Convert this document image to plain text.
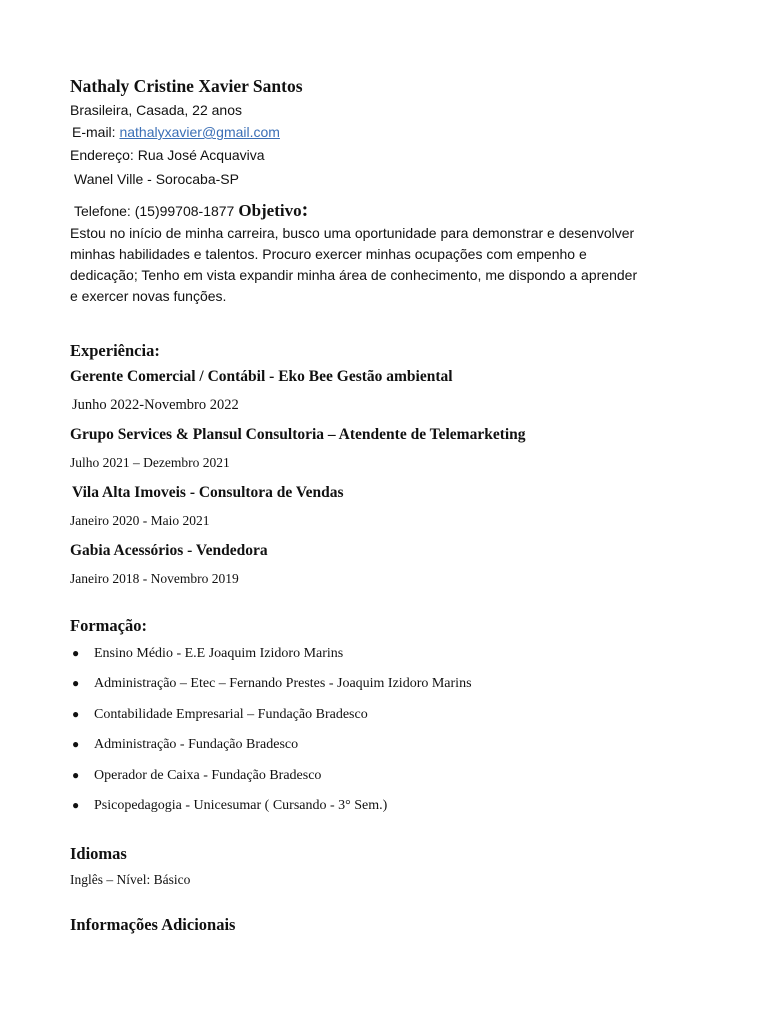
Nathaly Cristine Xavier Santos
Brasileira, Casada, 22 anos
E-mail: nathalyxavier@gmail.com
Endereço: Rua José Acquaviva
Wanel Ville - Sorocaba-SP
Telefone: (15)99708-1877 Objetivo:
Estou no início de minha carreira, busco uma oportunidade para demonstrar e desenvolver
minhas habilidades e talentos. Procuro exercer minhas ocupações com empenho e
dedicação; Tenho em vista expandir minha área de conhecimento, me dispondo a aprender
e exercer novas funções.
Experiência:
Gerente Comercial / Contábil - Eko Bee Gestão ambiental
Junho 2022-Novembro 2022
Grupo Services & Plansul Consultoria – Atendente de Telemarketing
Julho 2021 – Dezembro 2021
Vila Alta Imoveis - Consultora de Vendas
Janeiro 2020 - Maio 2021
Gabia Acessórios - Vendedora
Janeiro 2018 - Novembro 2019
Formação:
●	Ensino Médio - E.E Joaquim Izidoro Marins
●	Administração – Etec – Fernando Prestes - Joaquim Izidoro Marins
●	Contabilidade Empresarial – Fundação Bradesco
●	Administração - Fundação Bradesco
●	Operador de Caixa - Fundação Bradesco
●	Psicopedagogia - Unicesumar ( Cursando - 3° Sem.)
Idiomas
Inglês – Nível: Básico
Informações Adicionais
